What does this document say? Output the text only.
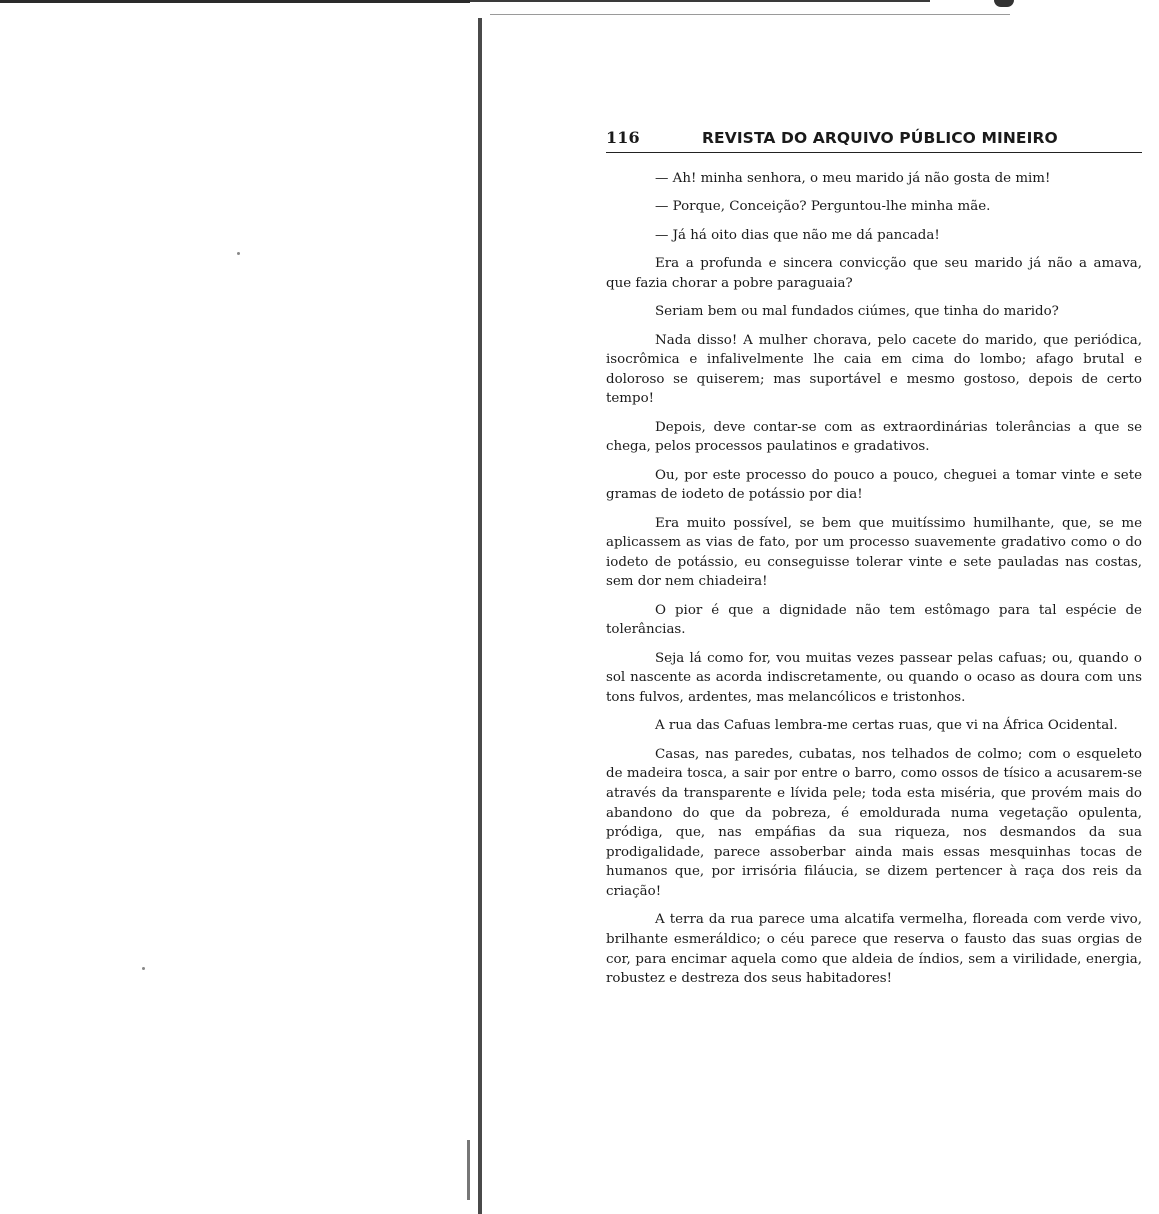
116	REVISTA DO ARQUIVO PÚBLICO MINEIRO

— Ah! minha senhora, o meu marido já não gosta de mim!

— Porque, Conceição? Perguntou-lhe minha mãe.

— Já há oito dias que não me dá pancada!

Era a profunda e sincera convicção que seu marido já não a amava, que fazia chorar a pobre paraguaia?

Seriam bem ou mal fundados ciúmes, que tinha do marido?

Nada disso! A mulher chorava, pelo cacete do marido, que periódica, isocrômica e infalivelmente lhe caia em cima do lombo; afago brutal e doloroso se quiserem; mas suportável e mesmo gostoso, depois de certo tempo!

Depois, deve contar-se com as extraordinárias tolerâncias a que se chega, pelos processos paulatinos e gradativos.

Ou, por este processo do pouco a pouco, cheguei a tomar vinte e sete gramas de iodeto de potássio por dia!

Era muito possível, se bem que muitíssimo humilhante, que, se me aplicassem as vias de fato, por um processo suavemente gradativo como o do iodeto de potássio, eu conseguisse tolerar vinte e sete pauladas nas costas, sem dor nem chiadeira!

O pior é que a dignidade não tem estômago para tal espécie de tolerâncias.

Seja lá como for, vou muitas vezes passear pelas cafuas; ou, quando o sol nascente as acorda indiscretamente, ou quando o ocaso as doura com uns tons fulvos, ardentes, mas melancólicos e tristonhos.

A rua das Cafuas lembra-me certas ruas, que vi na África Ocidental.

Casas, nas paredes, cubatas, nos telhados de colmo; com o esqueleto de madeira tosca, a sair por entre o barro, como ossos de tísico a acusarem-se através da transparente e lívida pele; toda esta miséria, que provém mais do abandono do que da pobreza, é emoldurada numa vegetação opulenta, pródiga, que, nas empáfias da sua riqueza, nos desmandos da sua prodigalidade, parece assoberbar ainda mais essas mesquinhas tocas de humanos que, por irrisória filáucia, se dizem pertencer à raça dos reis da criação!

A terra da rua parece uma alcatifa vermelha, floreada com verde vivo, brilhante esmeráldico; o céu parece que reserva o fausto das suas orgias de cor, para encimar aquela como que aldeia de índios, sem a virilidade, energia, robustez e destreza dos seus habitadores!
